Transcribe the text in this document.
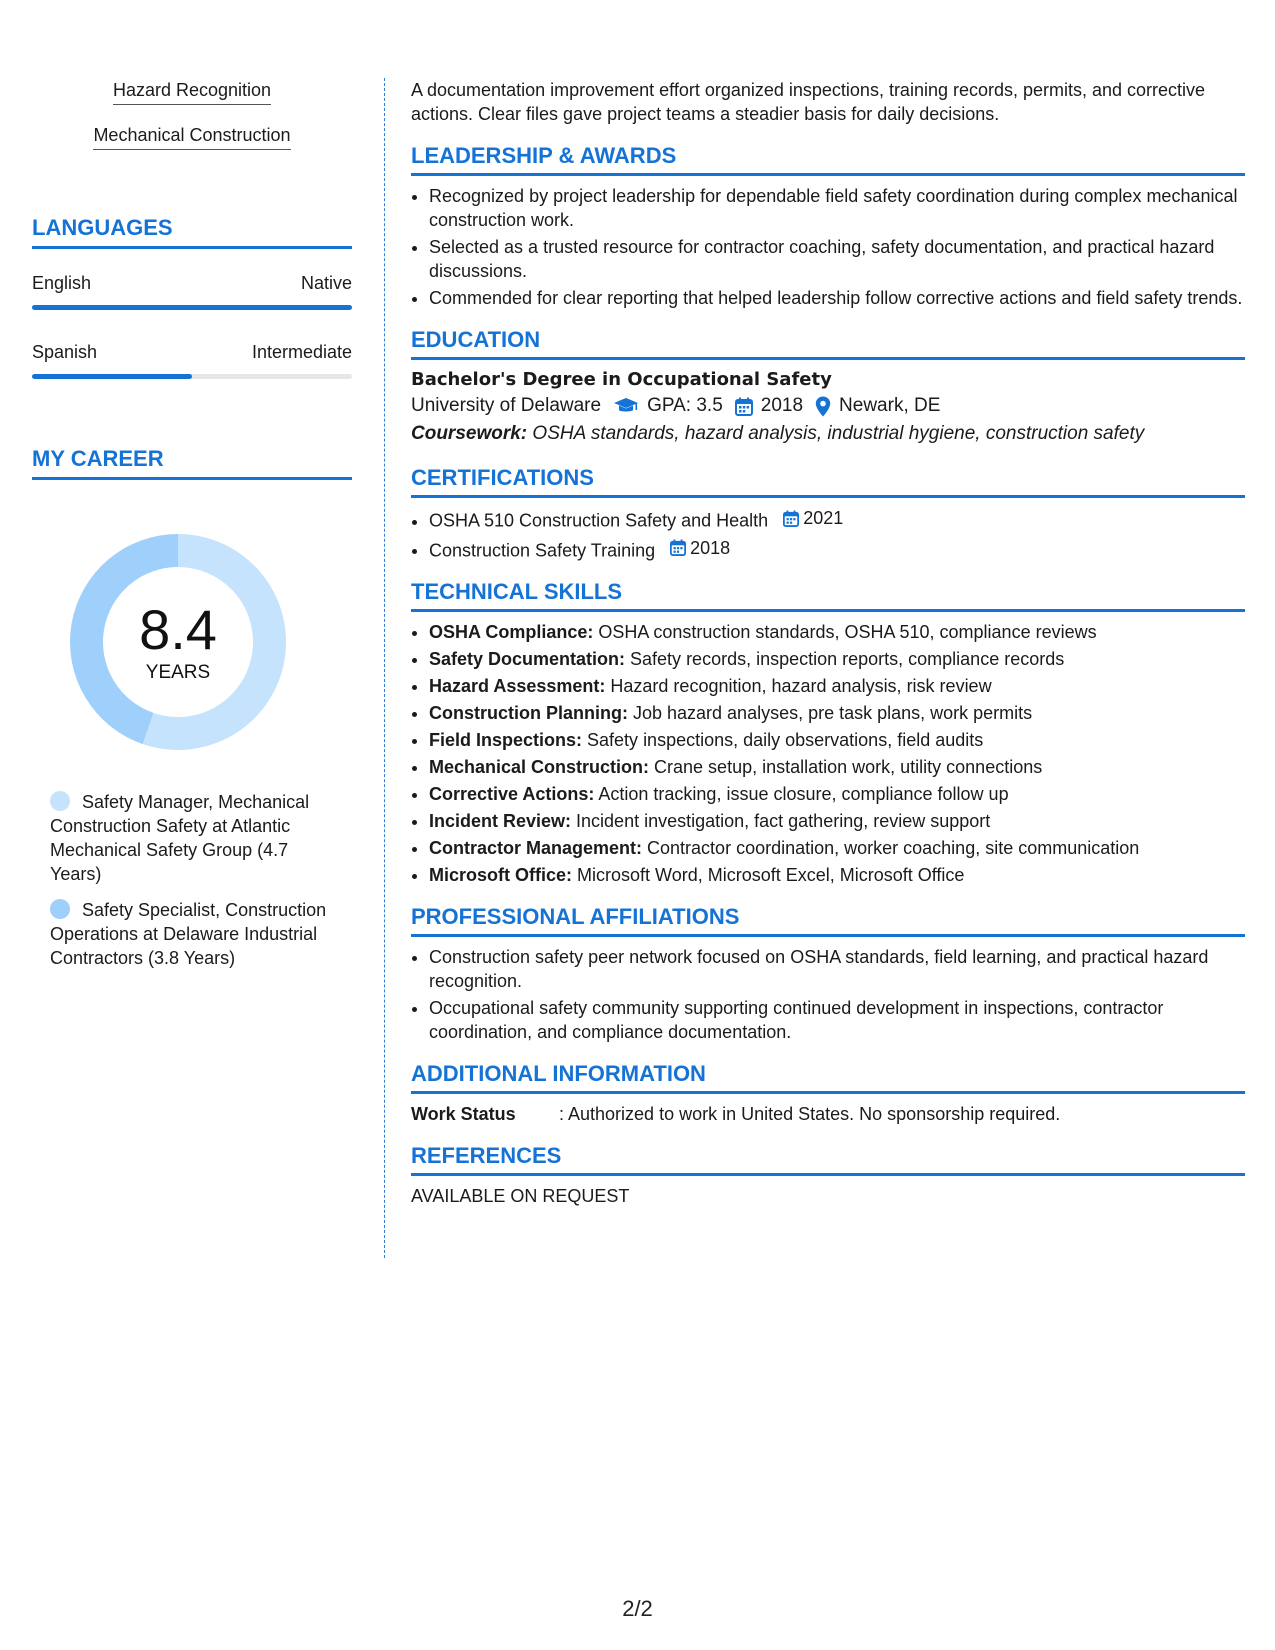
Hazard Recognition
Mechanical Construction
LANGUAGES
English	Native
Spanish	Intermediate
MY CAREER
8.4
YEARS
Safety Manager, Mechanical Construction Safety at Atlantic Mechanical Safety Group (4.7 Years)
Safety Specialist, Construction Operations at Delaware Industrial Contractors (3.8 Years)

A documentation improvement effort organized inspections, training records, permits, and corrective actions. Clear files gave project teams a steadier basis for daily decisions.

LEADERSHIP & AWARDS
• Recognized by project leadership for dependable field safety coordination during complex mechanical construction work.
• Selected as a trusted resource for contractor coaching, safety documentation, and practical hazard discussions.
• Commended for clear reporting that helped leadership follow corrective actions and field safety trends.
EDUCATION
Bachelor's Degree in Occupational Safety
University of Delaware GPA: 3.5 2018 Newark, DE
Coursework: OSHA standards, hazard analysis, industrial hygiene, construction safety
CERTIFICATIONS
• OSHA 510 Construction Safety and Health 2021
• Construction Safety Training 2018
TECHNICAL SKILLS
• OSHA Compliance: OSHA construction standards, OSHA 510, compliance reviews
• Safety Documentation: Safety records, inspection reports, compliance records
• Hazard Assessment: Hazard recognition, hazard analysis, risk review
• Construction Planning: Job hazard analyses, pre task plans, work permits
• Field Inspections: Safety inspections, daily observations, field audits
• Mechanical Construction: Crane setup, installation work, utility connections
• Corrective Actions: Action tracking, issue closure, compliance follow up
• Incident Review: Incident investigation, fact gathering, review support
• Contractor Management: Contractor coordination, worker coaching, site communication
• Microsoft Office: Microsoft Word, Microsoft Excel, Microsoft Office
PROFESSIONAL AFFILIATIONS
• Construction safety peer network focused on OSHA standards, field learning, and practical hazard recognition.
• Occupational safety community supporting continued development in inspections, contractor coordination, and compliance documentation.
ADDITIONAL INFORMATION
Work Status	: Authorized to work in United States. No sponsorship required.
REFERENCES
AVAILABLE ON REQUEST
2/2
